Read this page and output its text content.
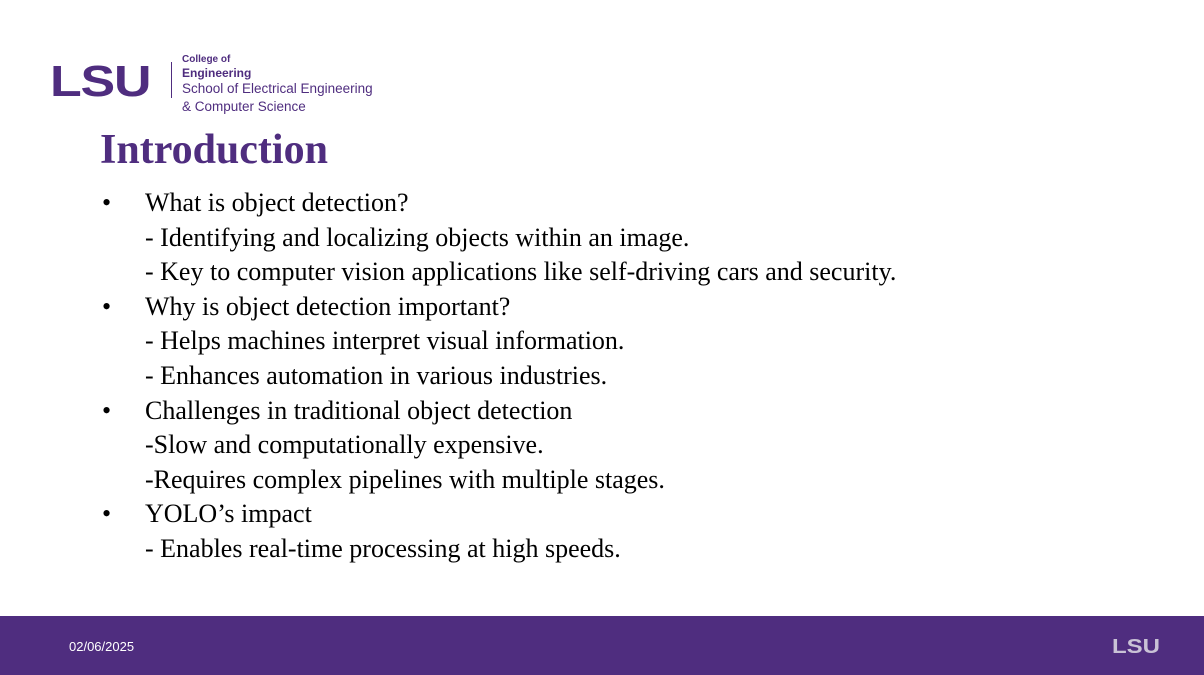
LSU	College of
Engineering
School of Electrical Engineering
& Computer Science
Introduction
• What is object detection?
- Identifying and localizing objects within an image.
- Key to computer vision applications like self-driving cars and security.
• Why is object detection important?
- Helps machines interpret visual information.
- Enhances automation in various industries.
• Challenges in traditional object detection
-Slow and computationally expensive.
-Requires complex pipelines with multiple stages.
• YOLO’s impact
- Enables real-time processing at high speeds.
02/06/2025	LSU
